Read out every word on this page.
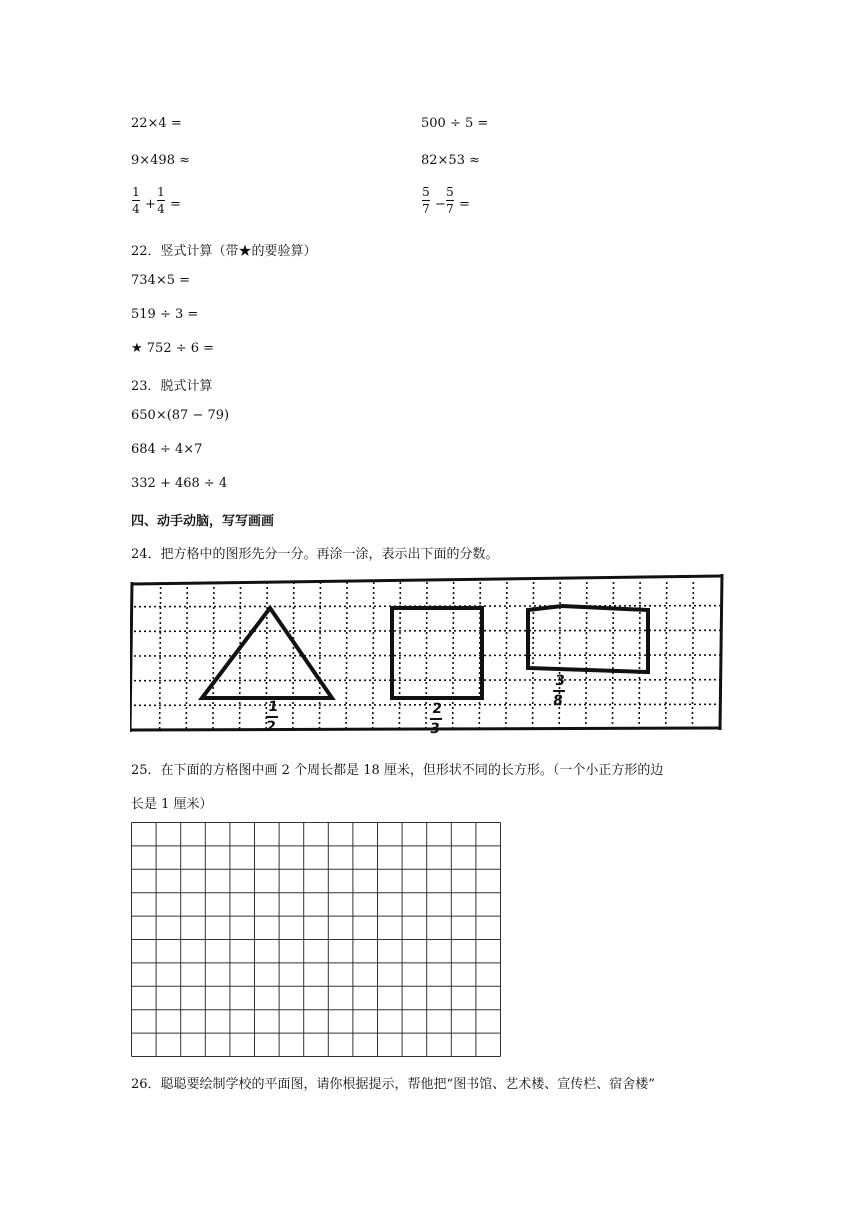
22×4 =	500 ÷ 5 =
9×498 ≈	82×53 ≈
1
4 +
1
4 =
5
7 −
5
7 =
22．竖式计算（带★的要验算）
734×5 =
519 ÷ 3 =
★ 752 ÷ 6 =
23．脱式计算
650×(87 − 79)
684 ÷ 4×7
332 + 468 ÷ 4
四、动手动脑，写写画画
24．把方格中的图形先分一分。再涂一涂，表示出下面的分数。
1
2
2
3
3
8
25．在下面的方格图中画 2 个周长都是 18 厘米，但形状不同的长方形。（一个小正方形的边
长是 1 厘米）
26．聪聪要绘制学校的平面图，请你根据提示，帮他把“图书馆、艺术楼、宣传栏、宿舍楼”
